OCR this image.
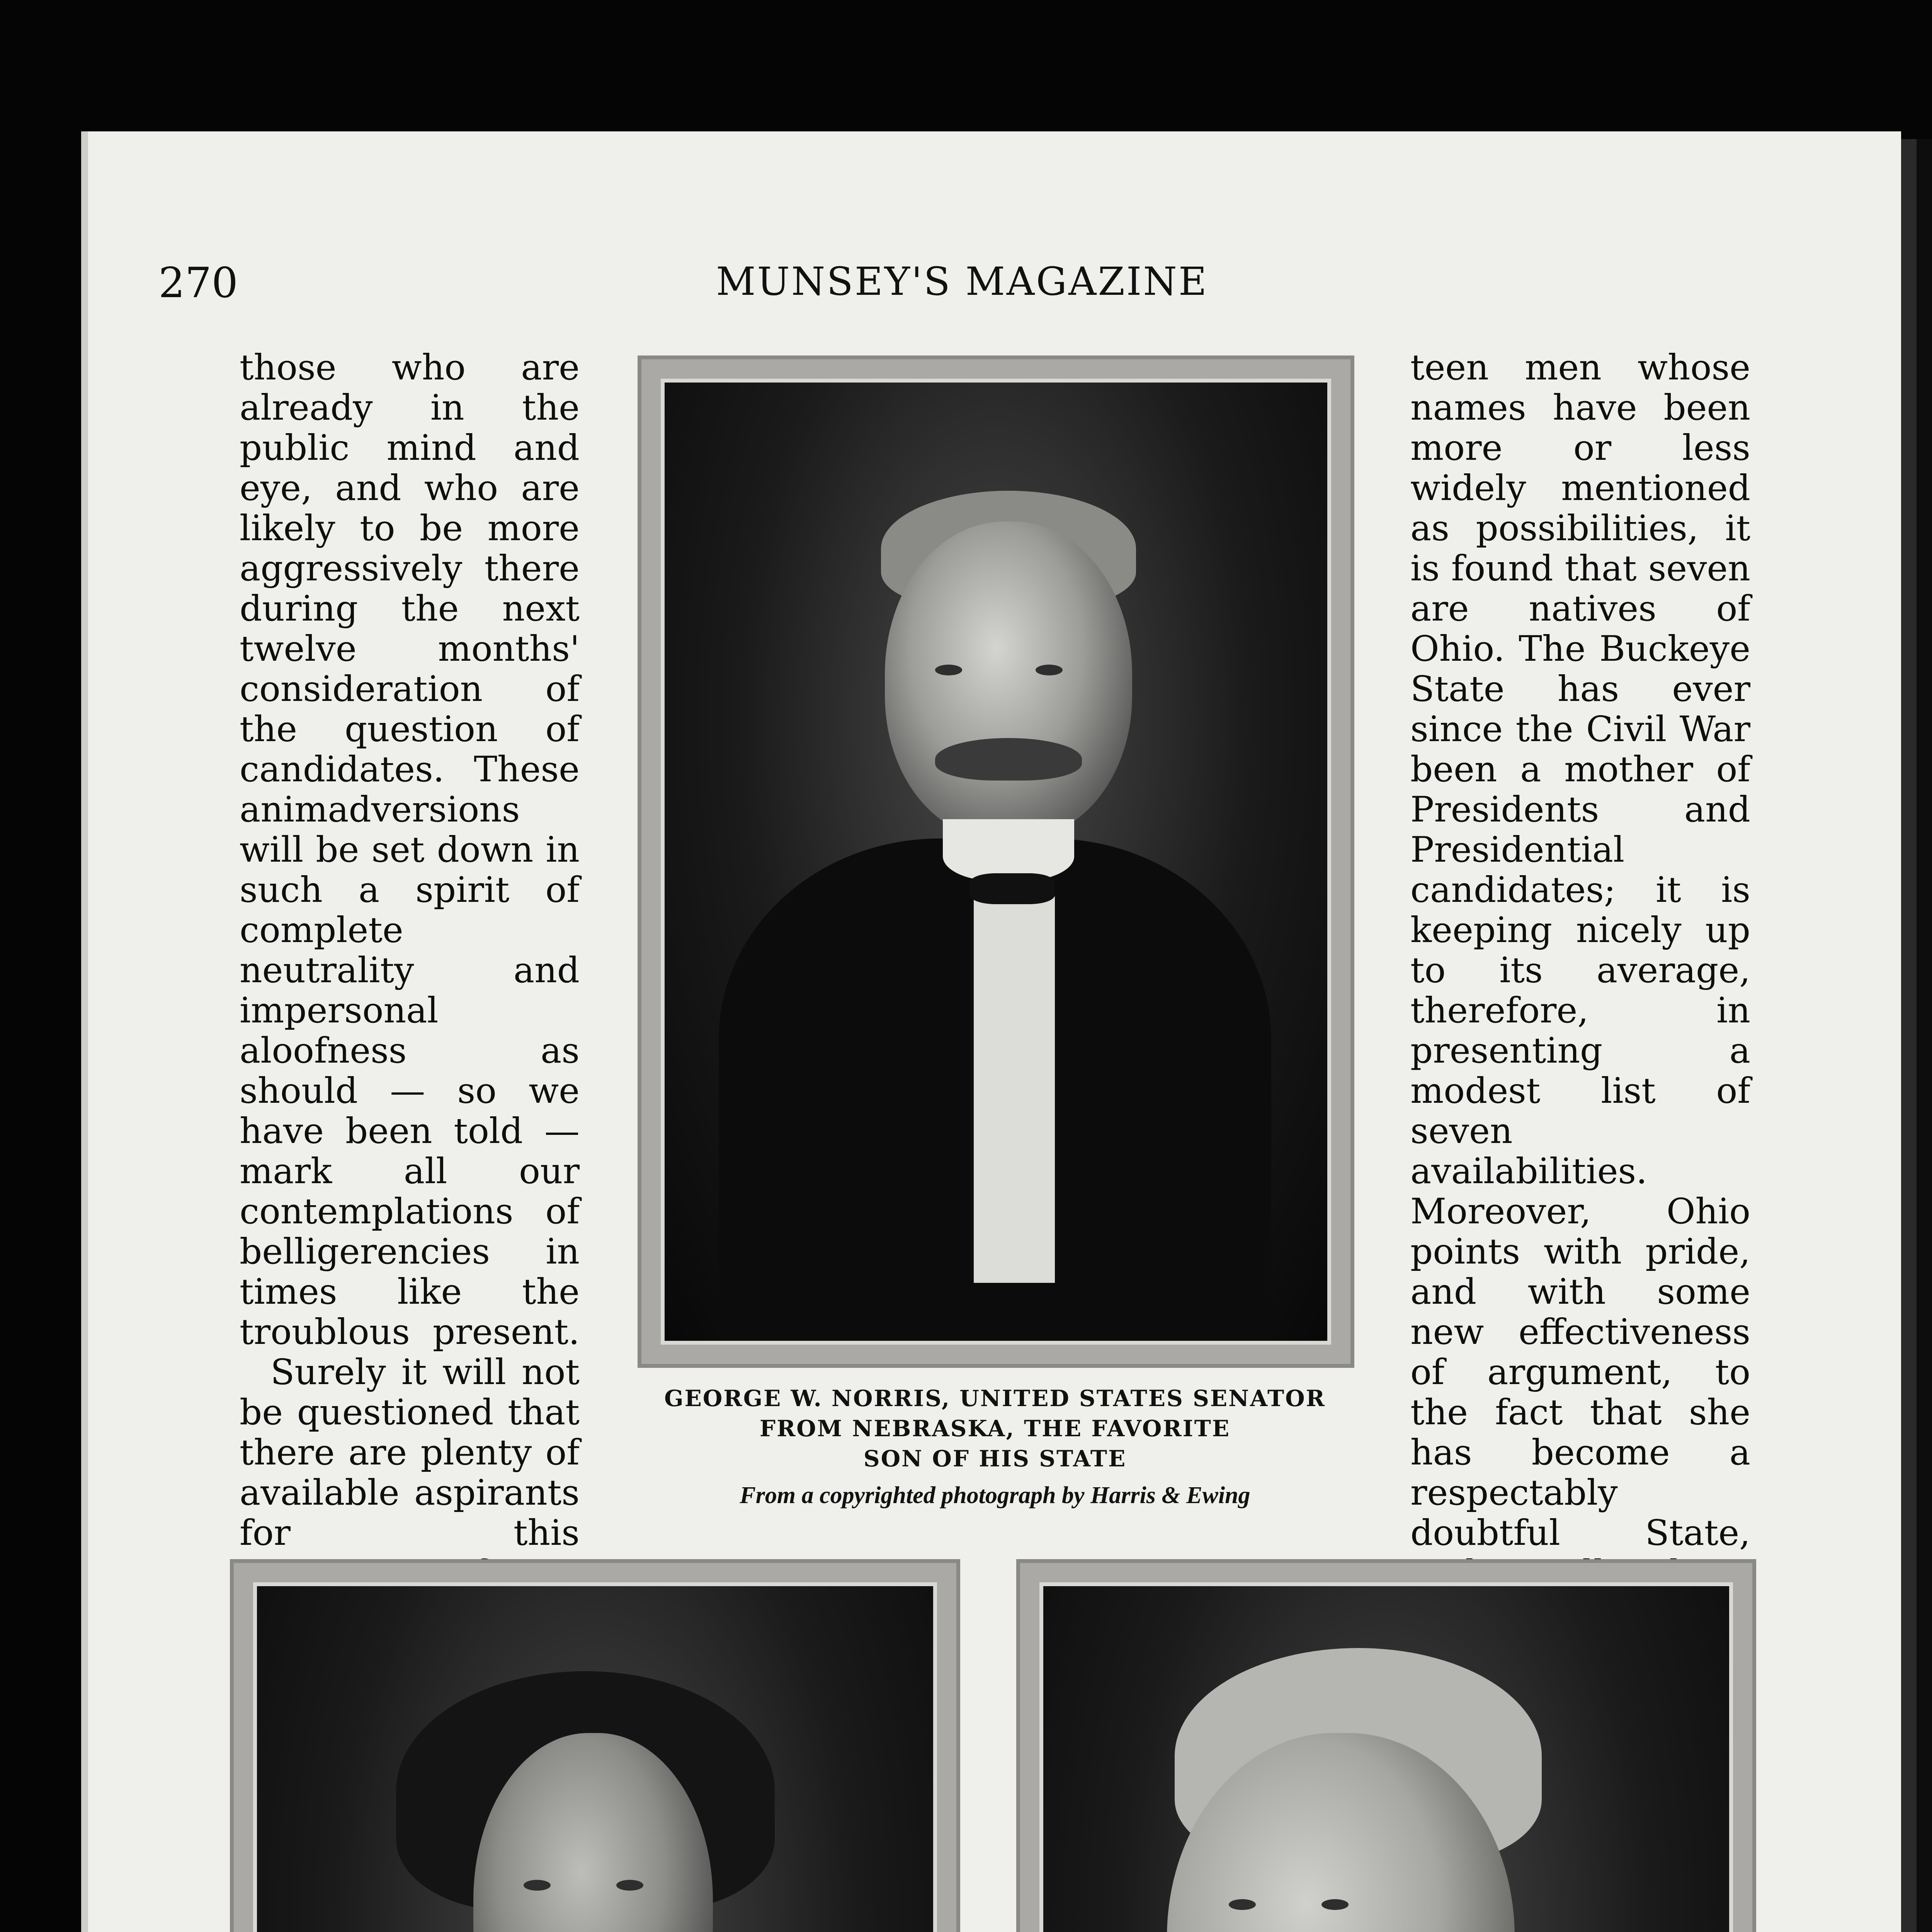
270	MUNSEY'S MAGAZINE

those who are already in the public mind and eye, and who are likely to be more aggressively there during the next twelve months' consideration of the question of candidates. These animadversions will be set down in such a spirit of complete neutrality and impersonal aloofness as should — so we have been told — mark all our contemplations of belligerencies in times like the troublous present.

Surely it will not be questioned that there are plenty of available aspirants for this

teen men whose names have been more or less widely mentioned as possibilities, it is found that seven are natives of Ohio. The Buckeye State has ever since the Civil War been a mother of Presidents and Presidential candidates; it is keeping nicely up to its average, therefore, in presenting a modest list of seven availabilities. Moreover, Ohio points with pride, and with some new effectiveness of argument, to the fact that she has become a respectably doubtful State,

GEORGE W. NORRIS, UNITED STATES SENATOR
FROM NEBRASKA, THE FAVORITE
SON OF HIS STATE
From a copyrighted photograph by Harris & Ewing
